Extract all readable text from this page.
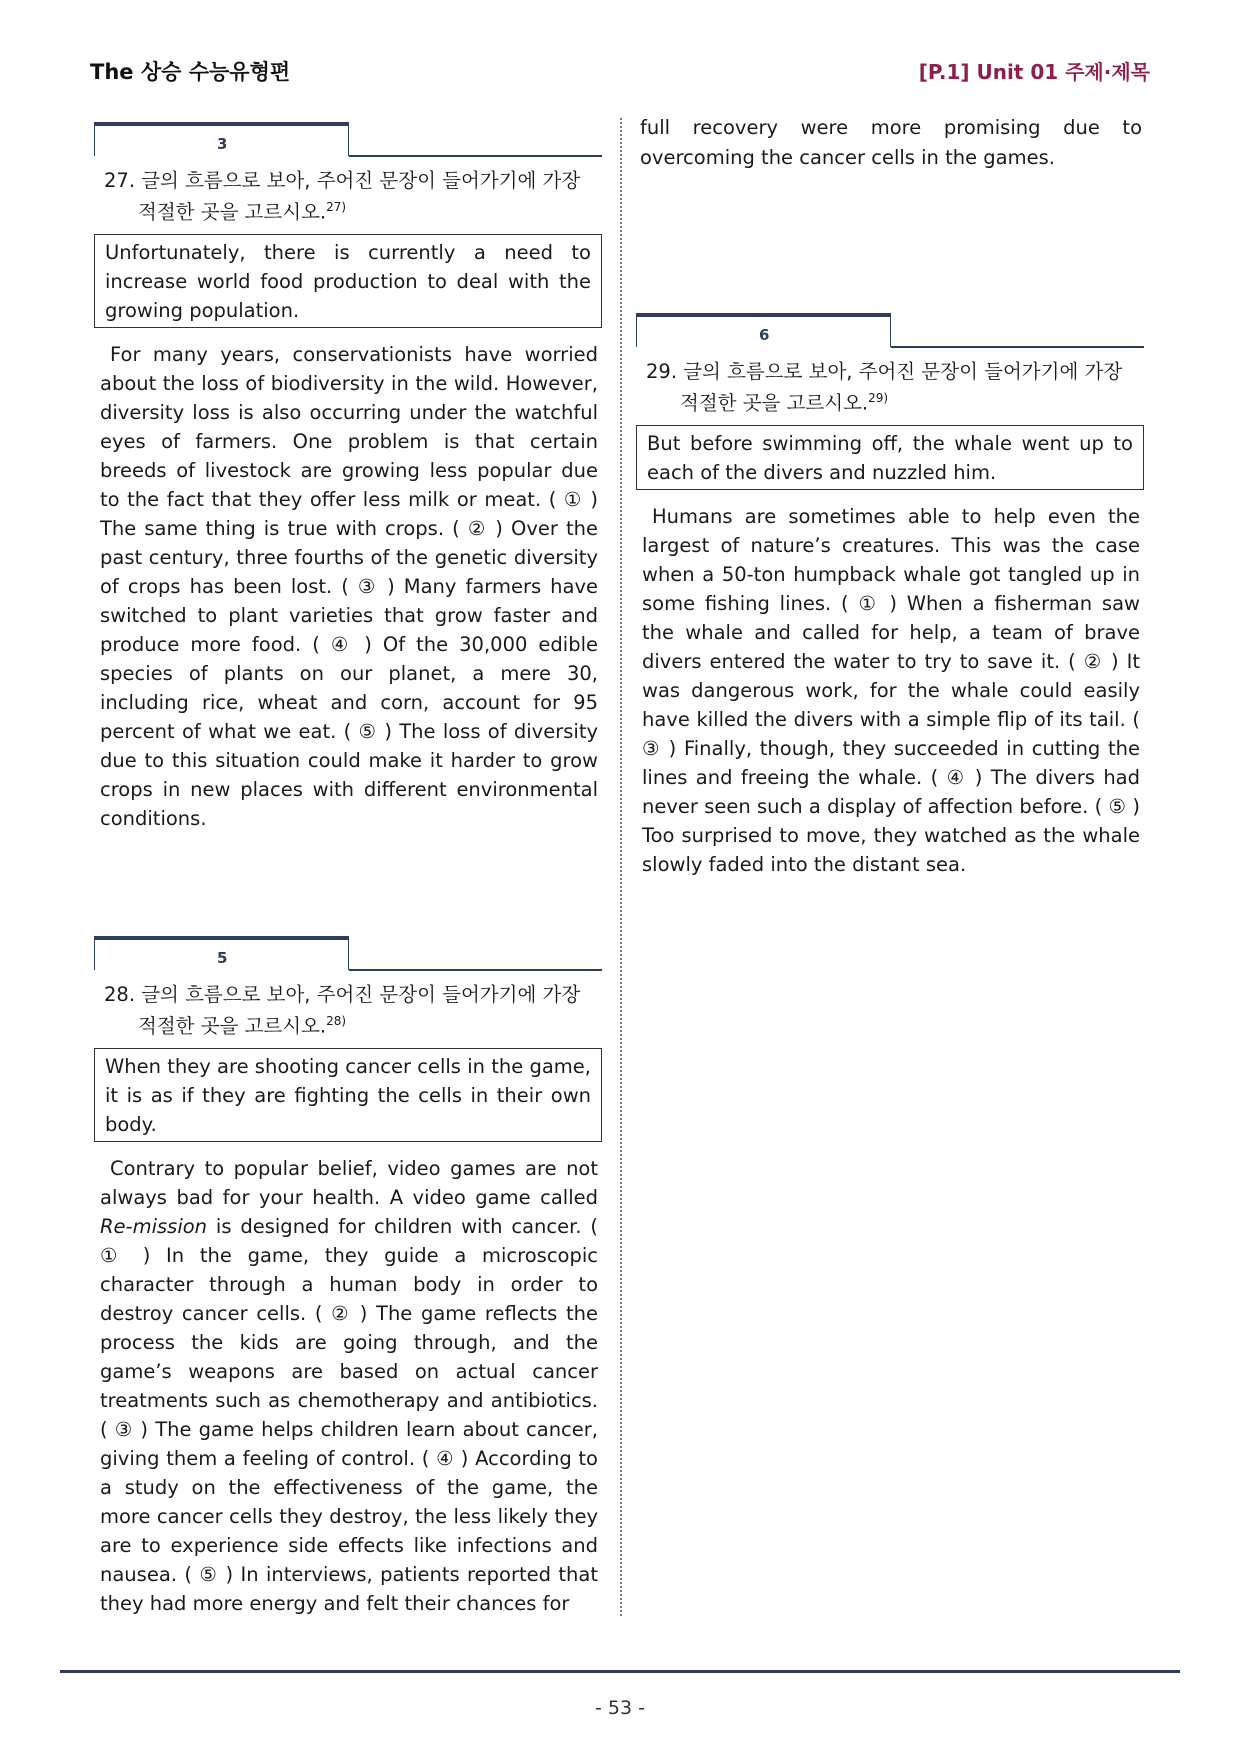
The 상승 수능유형편	[P.1] Unit 01 주제·제목
3
27. 글의 흐름으로 보아, 주어진 문장이 들어가기에 가장 적절한 곳을 고르시오.$^{27)}$
Unfortunately, there is currently a need to increase world food production to deal with the growing population.
For many years, conservationists have worried about the loss of biodiversity in the wild. However, diversity loss is also occurring under the watchful eyes of farmers. One problem is that certain breeds of livestock are growing less popular due to the fact that they offer less milk or meat. ( ① ) The same thing is true with crops. ( ② ) Over the past century, three fourths of the genetic diversity of crops has been lost. ( ③ ) Many farmers have switched to plant varieties that grow faster and produce more food. ( ④ ) Of the 30,000 edible species of plants on our planet, a mere 30, including rice, wheat and corn, account for 95 percent of what we eat. ( ⑤ ) The loss of diversity due to this situation could make it harder to grow crops in new places with different environmental conditions.
5
28. 글의 흐름으로 보아, 주어진 문장이 들어가기에 가장 적절한 곳을 고르시오.$^{28)}$
When they are shooting cancer cells in the game, it is as if they are fighting the cells in their own body.
Contrary to popular belief, video games are not always bad for your health. A video game called Re-mission is designed for children with cancer. ( ① ) In the game, they guide a microscopic character through a human body in order to destroy cancer cells. ( ② ) The game reflects the process the kids are going through, and the game’s weapons are based on actual cancer treatments such as chemotherapy and antibiotics. ( ③ ) The game helps children learn about cancer, giving them a feeling of control. ( ④ ) According to a study on the effectiveness of the game, the more cancer cells they destroy, the less likely they are to experience side effects like infections and nausea. ( ⑤ ) In interviews, patients reported that they had more energy and felt their chances for
full recovery were more promising due to overcoming the cancer cells in the games.
6
29. 글의 흐름으로 보아, 주어진 문장이 들어가기에 가장 적절한 곳을 고르시오.$^{29)}$
But before swimming off, the whale went up to each of the divers and nuzzled him.
Humans are sometimes able to help even the largest of nature’s creatures. This was the case when a 50-ton humpback whale got tangled up in some fishing lines. ( ① ) When a fisherman saw the whale and called for help, a team of brave divers entered the water to try to save it. ( ② ) It was dangerous work, for the whale could easily have killed the divers with a simple flip of its tail. ( ③ ) Finally, though, they succeeded in cutting the lines and freeing the whale. ( ④ ) The divers had never seen such a display of affection before. ( ⑤ ) Too surprised to move, they watched as the whale slowly faded into the distant sea.
- 53 -
